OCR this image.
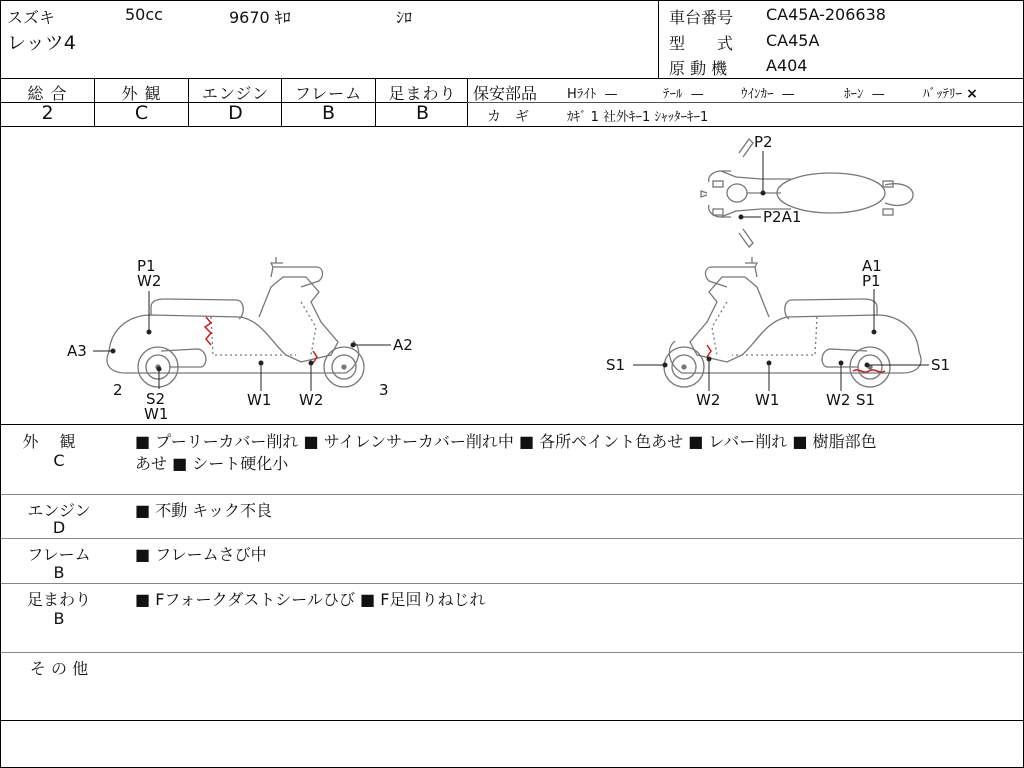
スズキ
レッツ4
50cc	9670 ｷﾛ	ｼﾛ	車台番号 CA45A-206638
型　　式 CA45A
原 動 機 A404
総 合	外 観	エンジン	フレーム	足まわり
2	C	D	B	B
保安部品 Hﾗｲﾄ —	ﾃｰﾙ —	ｳｲﾝｶｰ —	ﾎｰﾝ —	ﾊﾞｯﾃﾘｰ ×
カ　ギ	ｶｷﾞ 1 社外ｷｰ1 ｼｬｯﾀｰｷｰ1
P1
W2
A3	A2
2	3
S2
W1
W1 W2
A1
P1
S1	S1
W2 W1	W2 S1
P2
P2A1
外　 観
C
■ プーリーカバー削れ ■ サイレンサーカバー削れ中 ■ 各所ペイント色あせ ■ レバー削れ ■ 樹脂部色
あせ ■ シート硬化小
エンジン
D
■ 不動 キック不良
フレーム
B
■ フレームさび中
足まわり
B
■ Fフォークダストシールひび ■ F足回りねじれ
そ の 他
